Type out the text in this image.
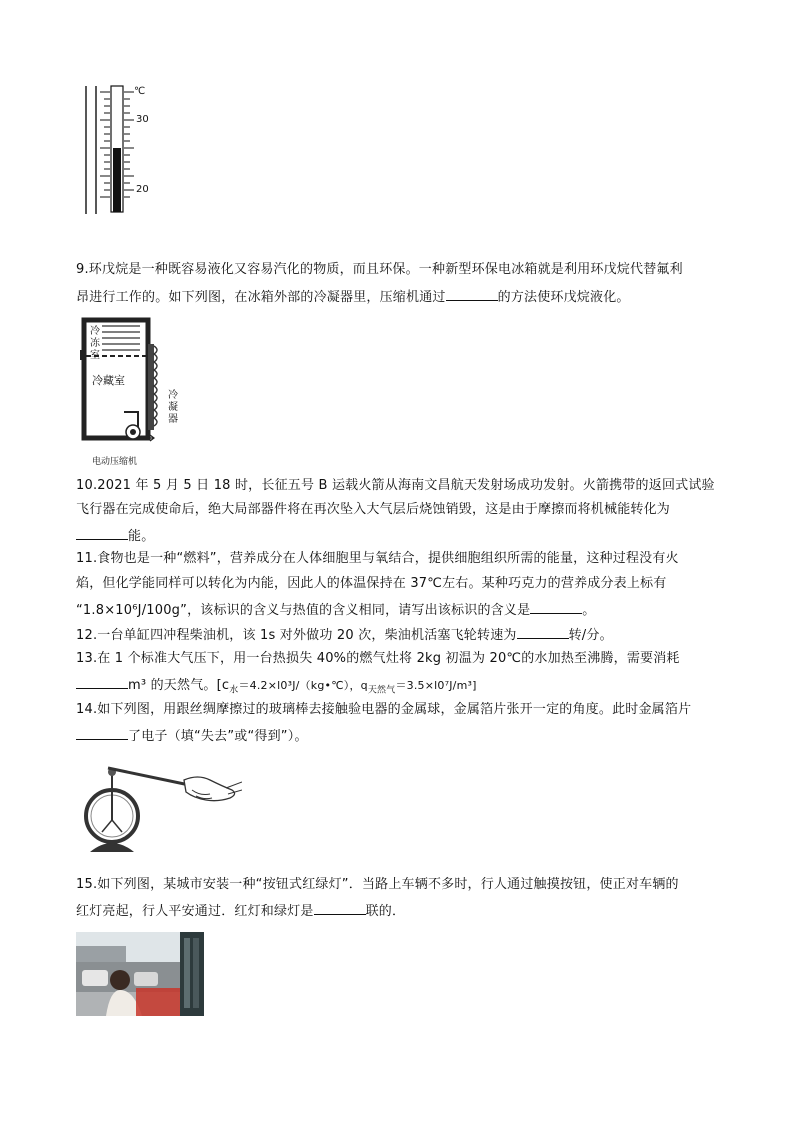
℃
30
20
9.环戊烷是一种既容易液化又容易汽化的物质，而且环保。一种新型环保电冰箱就是利用环戊烷代替氟利
昂进行工作的。如下列图，在冰箱外部的冷凝器里，压缩机通过	的方法使环戊烷液化。
冷
冻
室
冷藏室
冷
凝
器
电动压缩机
10.2021 年 5 月 5 日 18 时，长征五号 B 运载火箭从海南文昌航天发射场成功发射。火箭携带的返回式试验
飞行器在完成使命后，绝大局部器件将在再次坠入大气层后烧蚀销毁，这是由于摩擦而将机械能转化为
能。
11.食物也是一种“燃料”，营养成分在人体细胞里与氧结合，提供细胞组织所需的能量，这种过程没有火
焰，但化学能同样可以转化为内能，因此人的体温保持在 37℃左右。某种巧克力的营养成分表上标有
“1.8×10⁶J/100g”，该标识的含义与热值的含义相同，请写出该标识的含义是	。
12.一台单缸四冲程柴油机，该 1s 对外做功 20 次，柴油机活塞飞轮转速为	转/分。
13.在 1 个标准大气压下，用一台热损失 40%的燃气灶将 2kg 初温为 20℃的水加热至沸腾，需要消耗
m³ 的天然气。[$c_水=4.2\times l0^3J/(kg•℃)$，$q_{天然气}=3.5\times l0^7J/m^3$]
14.如下列图，用跟丝绸摩擦过的玻璃棒去接触验电器的金属球，金属箔片张开一定的角度。此时金属箔片
了电子（填“失去”或“得到”）。
15.如下列图，某城市安装一种“按钮式红绿灯”．当路上车辆不多时，行人通过触摸按钮，使正对车辆的
红灯亮起，行人平安通过．红灯和绿灯是	联的．
